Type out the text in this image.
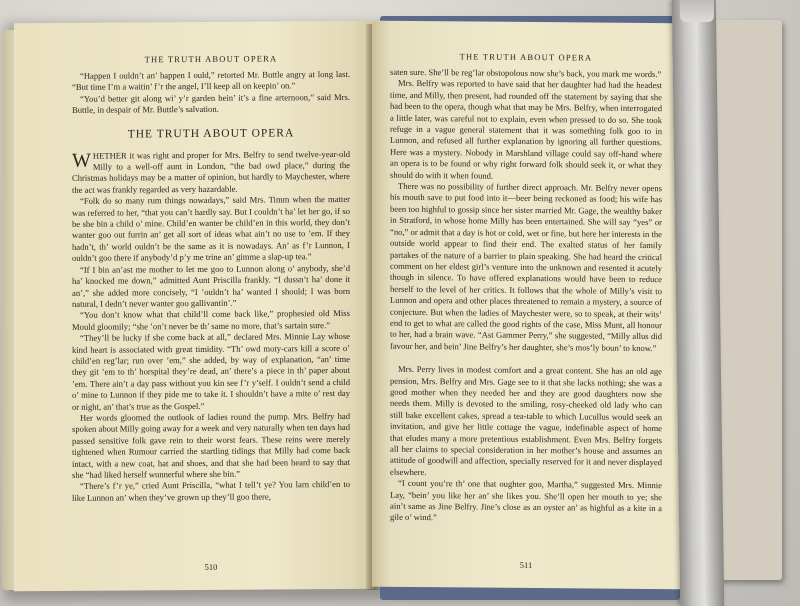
THE TRUTH ABOUT OPERA

“Happen I ouldn’t an’ happen I ould,” retorted Mr. Buttle angry at long last. “But time I’m a waitin’ f’r the angel, I’ll keep all on keepin’ on.”

“You’d better git along wi’ y’r garden bein’ it’s a fine arternoon,” said Mrs. Buttle, in despair of Mr. Buttle’s salvation.

THE TRUTH ABOUT OPERA

WHETHER it was right and proper for Mrs. Belfry to send twelve-year-old Milly to a well-off aunt in London, “the bad owd place,” during the Christmas holidays may be a matter of opinion, but hardly to Maychester, where the act was frankly regarded as very hazardable.

“Folk do so many rum things nowadays,” said Mrs. Timm when the matter was referred to her, “that you can’t hardly say. But I couldn’t ha’ let her go, if so be she bin a child o’ mine. Child’en wanter be child’en in this world, they don’t wanter goo out furrin an’ get all sort of ideas what ain’t no use to ’em. If they hadn’t, th’ world ouldn’t be the same as it is nowadays. An’ as f’r Lunnon, I ouldn’t goo there if anybody’d p’y me trine an’ gimme a slap-up tea.”

“If I bin an’ast me mother to let me goo to Lunnon along o’ anybody, she’d ha’ knocked me down,” admitted Aunt Priscilla frankly. “I dussn’t ha’ done it an’,” she added more concisely, “I ’ouldn’t ha’ wanted I should; I was born natural, I dedn’t never wanter goo gallivantin’.”

“You don’t know what that child’ll come back like,” prophesied old Miss Mould gloomily; “she ’on’t never be th’ same no more, that’s sartain sure.”

“They’ll be lucky if she come back at all,” declared Mrs. Minnie Lay whose kind heart is associated with great timidity. “Th’ owd moty-cars kill a score o’ child’en reg’lar; run over ’em,” she added, by way of explanation, “an’ time they git ’em to th’ horspital they’re dead, an’ there’s a piece in th’ paper about ’em. There ain’t a day pass without you kin see f’r y’self. I ouldn’t send a child o’ mine to Lunnon if they pide me to take it. I shouldn’t have a mite o’ rest day or night, an’ that’s true as the Gospel.”

Her words gloomed the outlook of ladies round the pump. Mrs. Belfry had spoken about Milly going away for a week and very naturally when ten days had passed sensitive folk gave rein to their worst fears. These reins were merely tightened when Rumour carried the startling tidings that Milly had come back intact, with a new coat, hat and shoes, and that she had been heard to say that she “had liked herself wunnerful where she bin.”

“There’s f’r ye,” cried Aunt Priscilla, “what I tell’t ye? You larn child’en to like Lunnon an’ when they’ve grown up they’ll goo there,

510
THE TRUTH ABOUT OPERA

saten sure. She’ll be reg’lar obstopolous now she’s back, you mark me words.”

Mrs. Belfry was reported to have said that her daughter had had the headest time, and Milly, then present, had rounded off the statement by saying that she had been to the opera, though what that may be Mrs. Belfry, when interrogated a little later, was careful not to explain, even when pressed to do so. She took refuge in a vague general statement that it was something folk goo to in Lunnon, and refused all further explanation by ignoring all further questions. Here was a mystery. Nobody in Marshland village could say off-hand where an opera is to be found or why right forward folk should seek it, or what they should do with it when found.

There was no possibility of further direct approach. Mr. Belfry never opens his mouth save to put food into it—beer being reckoned as food; his wife has been too highful to gossip since her sister married Mr. Gage, the wealthy baker in Stratford, in whose home Milly has been entertained. She will say “yes” or “no,” or admit that a day is hot or cold, wet or fine, but here her interests in the outside world appear to find their end. The exalted status of her family partakes of the nature of a barrier to plain speaking. She had heard the critical comment on her eldest girl’s venture into the unknown and resented it acutely though in silence. To have offered explanations would have been to reduce herself to the level of her critics. It follows that the whole of Milly’s visit to Lunnon and opera and other places threatened to remain a mystery, a source of conjecture. But when the ladies of Maychester were, so to speak, at their wits’ end to get to what are called the good rights of the case, Miss Munt, all honour to her, had a brain wave. “Ast Gammer Perry,” she suggested, “Milly allus did favour her, and bein’ Jine Belfry’s her daughter, she’s mos’ly boun’ to know.”

Mrs. Perry lives in modest comfort and a great content. She has an old age pension, Mrs. Belfry and Mrs. Gage see to it that she lacks nothing; she was a good mother when they needed her and they are good daughters now she needs them. Milly is devoted to the smiling, rosy-cheeked old lady who can still bake excellent cakes, spread a tea-table to which Lucullus would seek an invitation, and give her little cottage the vague, indefinable aspect of home that eludes many a more pretentious establishment. Even Mrs. Belfry forgets all her claims to special consideration in her mother’s house and assumes an attitude of goodwill and affection, specially reserved for it and never displayed elsewhere.

“I count you’re th’ one that oughter goo, Martha,” suggested Mrs. Minnie Lay, “bein’ you like her an’ she likes you. She’ll open her mouth to ye; she ain’t same as Jine Belfry. Jine’s close as an oyster an’ as highful as a kite in a gile o’ wind.”

511
